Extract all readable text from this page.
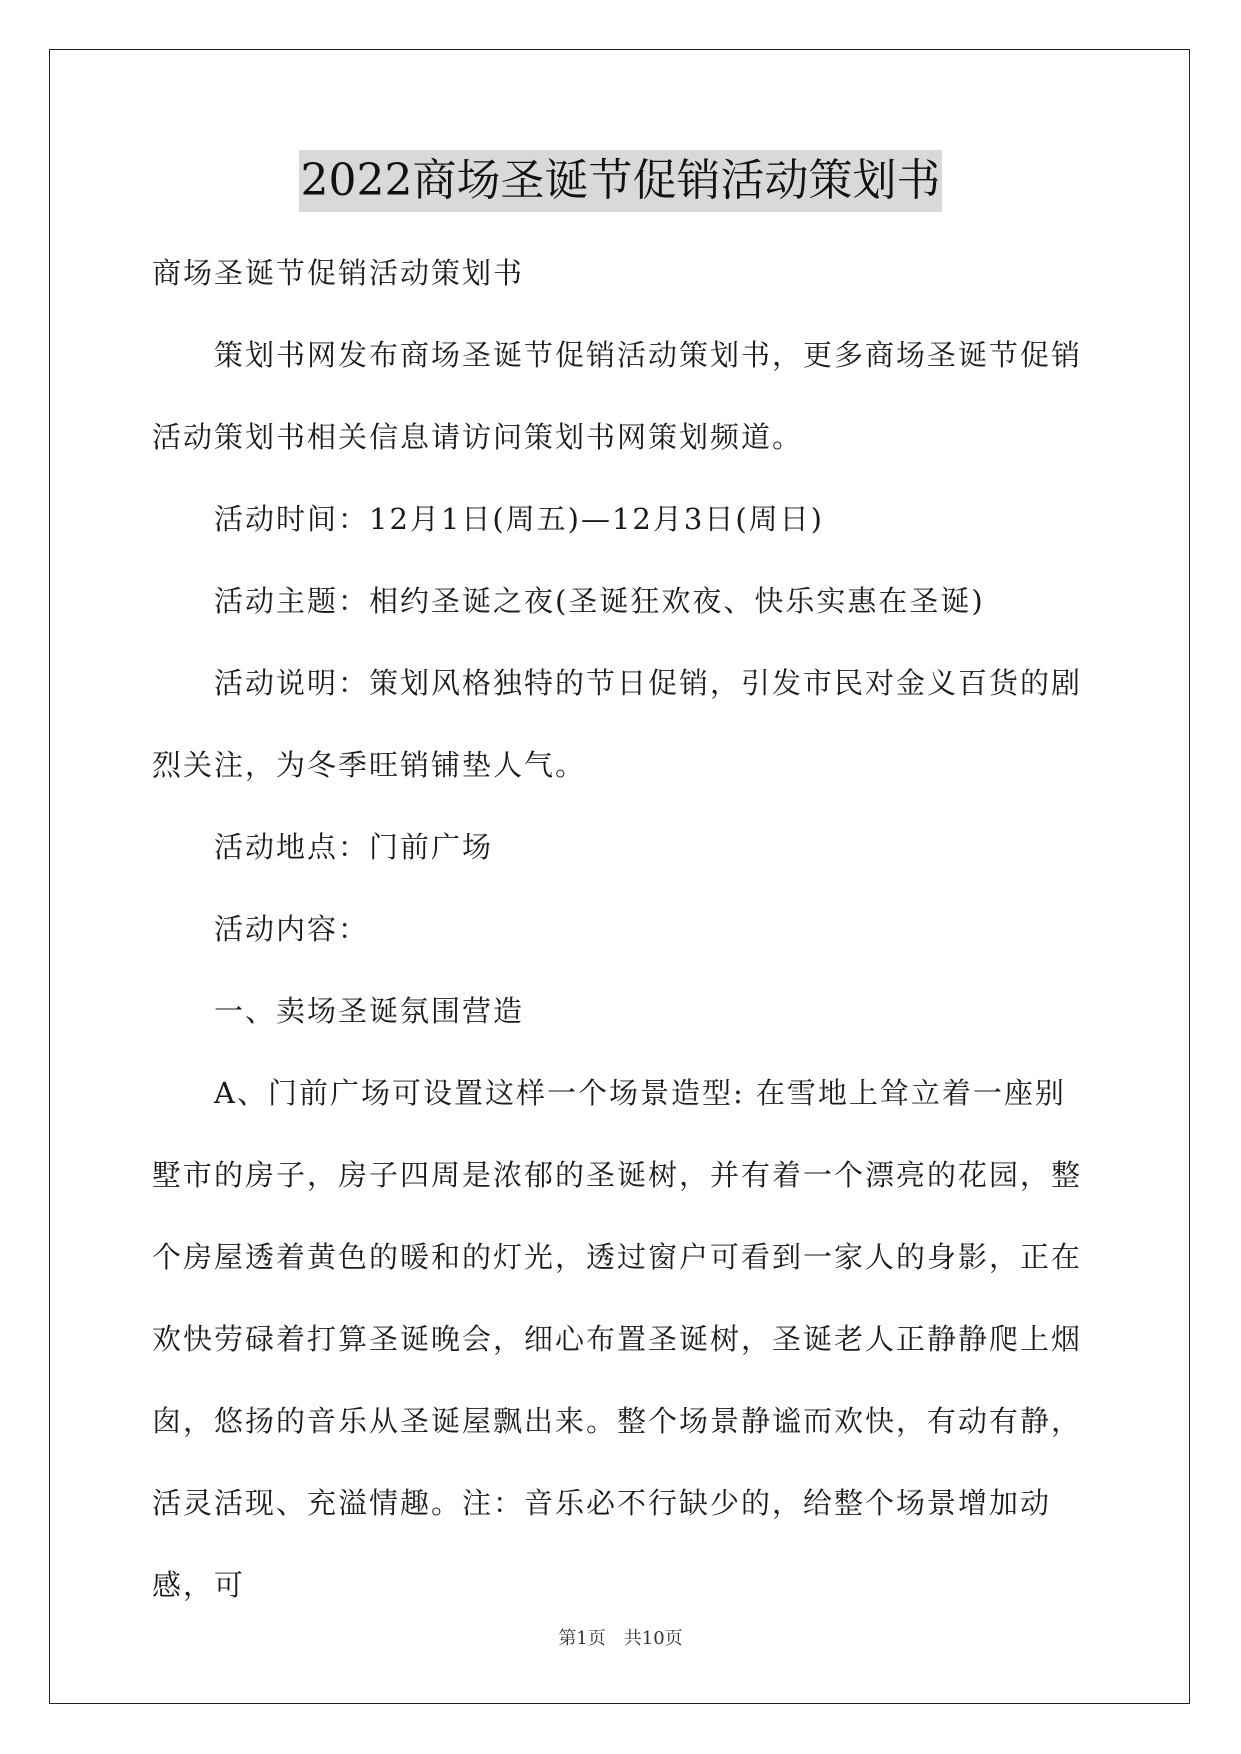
2022商场圣诞节促销活动策划书

商场圣诞节促销活动策划书

策划书网发布商场圣诞节促销活动策划书，更多商场圣诞节促销活动策划书相关信息请访问策划书网策划频道。

活动时间：12月1日(周五)—12月3日(周日)

活动主题：相约圣诞之夜(圣诞狂欢夜、快乐实惠在圣诞)

活动说明：策划风格独特的节日促销，引发市民对金义百货的剧烈关注，为冬季旺销铺垫人气。

活动地点：门前广场

活动内容：

一、卖场圣诞氛围营造

A、门前广场可设置这样一个场景造型: 在雪地上耸立着一座别墅市的房子，房子四周是浓郁的圣诞树，并有着一个漂亮的花园，整个房屋透着黄色的暖和的灯光，透过窗户可看到一家人的身影，正在欢快劳碌着打算圣诞晚会，细心布置圣诞树，圣诞老人正静静爬上烟囱，悠扬的音乐从圣诞屋飘出来。整个场景静谧而欢快，有动有静，活灵活现、充溢情趣。注：音乐必不行缺少的，给整个场景增加动感，可

第1页 共10页
